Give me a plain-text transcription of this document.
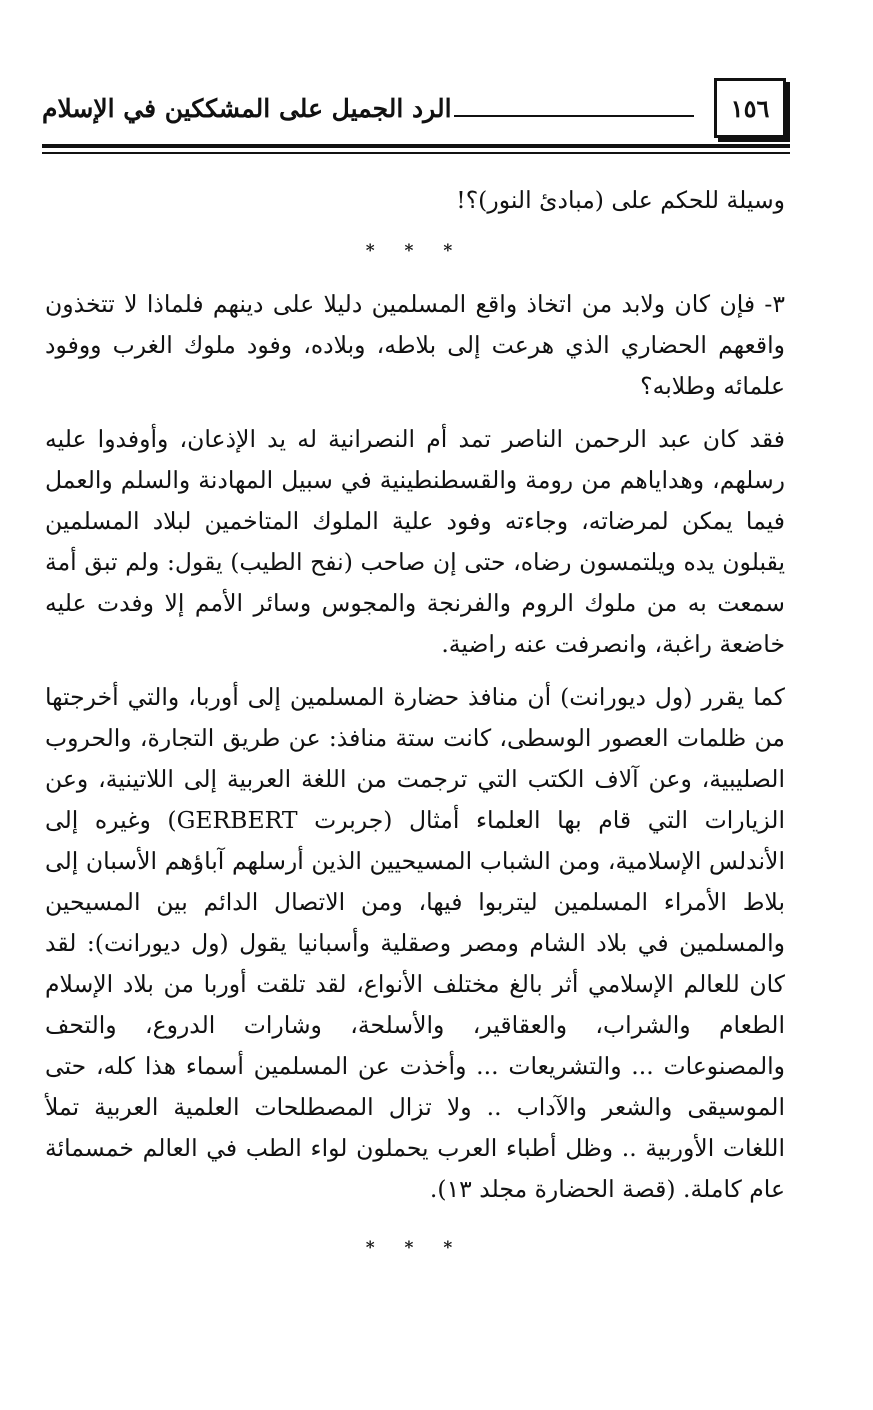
١٥٦
الرد الجميل على المشككين في الإسلام

وسيلة للحكم على (مبادئ النور)؟!

* * *

٣- فإن كان ولابد من اتخاذ واقع المسلمين دليلا على دينهم فلماذا لا تتخذون واقعهم الحضاري الذي هرعت إلى بلاطه، وبلاده، وفود ملوك الغرب ووفود علمائه وطلابه؟

فقد كان عبد الرحمن الناصر تمد أم النصرانية له يد الإذعان، وأوفدوا عليه رسلهم، وهداياهم من رومة والقسطنطينية في سبيل المهادنة والسلم والعمل فيما يمكن لمرضاته، وجاءته وفود علية الملوك المتاخمين لبلاد المسلمين يقبلون يده ويلتمسون رضاه، حتى إن صاحب (نفح الطيب) يقول: ولم تبق أمة سمعت به من ملوك الروم والفرنجة والمجوس وسائر الأمم إلا وفدت عليه خاضعة راغبة، وانصرفت عنه راضية.

كما يقرر (ول ديورانت) أن منافذ حضارة المسلمين إلى أوربا، والتي أخرجتها من ظلمات العصور الوسطى، كانت ستة منافذ: عن طريق التجارة، والحروب الصليبية، وعن آلاف الكتب التي ترجمت من اللغة العربية إلى اللاتينية، وعن الزيارات التي قام بها العلماء أمثال (جربرت GERBERT) وغيره إلى الأندلس الإسلامية، ومن الشباب المسيحيين الذين أرسلهم آباؤهم الأسبان إلى بلاط الأمراء المسلمين ليتربوا فيها، ومن الاتصال الدائم بين المسيحين والمسلمين في بلاد الشام ومصر وصقلية وأسبانيا يقول (ول ديورانت): لقد كان للعالم الإسلامي أثر بالغ مختلف الأنواع، لقد تلقت أوربا من بلاد الإسلام الطعام والشراب، والعقاقير، والأسلحة، وشارات الدروع، والتحف والمصنوعات ... والتشريعات ... وأخذت عن المسلمين أسماء هذا كله، حتى الموسيقى والشعر والآداب .. ولا تزال المصطلحات العلمية العربية تملأ اللغات الأوربية .. وظل أطباء العرب يحملون لواء الطب في العالم خمسمائة عام كاملة. (قصة الحضارة مجلد ١٣).

* * *
